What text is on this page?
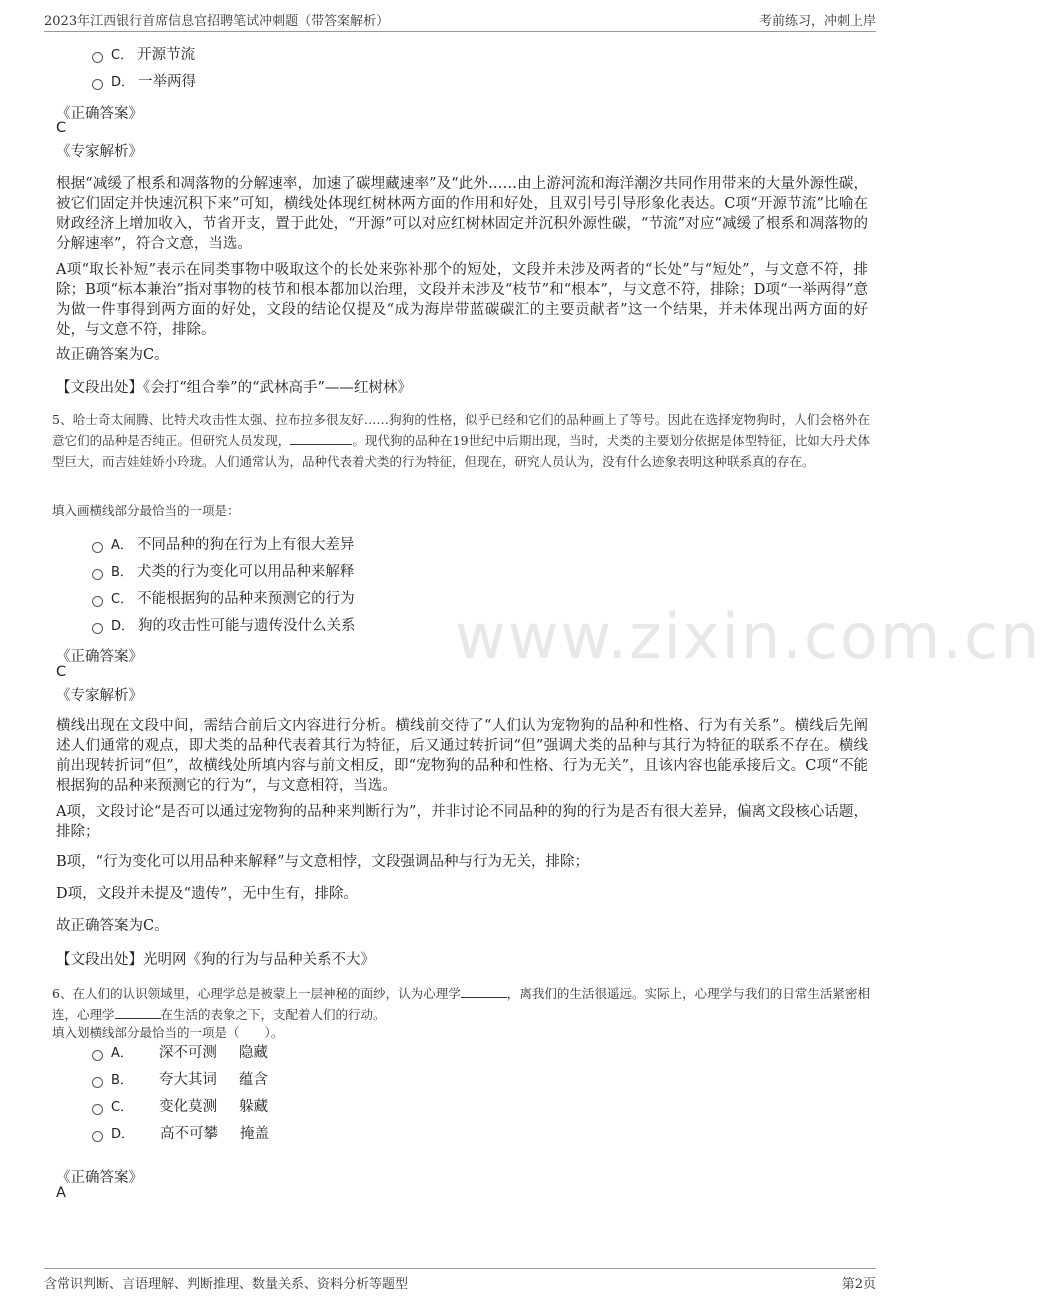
2023年江西银行首席信息官招聘笔试冲刺题（带答案解析）	考前练习，冲刺上岸
www.zixin.com.cn
C． 开源节流
D． 一举两得
《正确答案》
C
《专家解析》
根据“减缓了根系和凋落物的分解速率，加速了碳埋藏速率”及“此外……由上游河流和海洋潮汐共同作用带来的大量外源性碳，被它们固定并快速沉积下来”可知，横线处体现红树林两方面的作用和好处，且双引号引导形象化表达。C项“开源节流”比喻在财政经济上增加收入，节省开支，置于此处，“开源”可以对应红树林固定并沉积外源性碳，“节流”对应“减缓了根系和凋落物的分解速率”，符合文意，当选。
A项“取长补短”表示在同类事物中吸取这个的长处来弥补那个的短处，文段并未涉及两者的“长处”与“短处”，与文意不符，排除；B项“标本兼治”指对事物的枝节和根本都加以治理，文段并未涉及“枝节”和“根本”，与文意不符，排除；D项“一举两得”意为做一件事得到两方面的好处，文段的结论仅提及“成为海岸带蓝碳碳汇的主要贡献者”这一个结果，并未体现出两方面的好处，与文意不符，排除。
故正确答案为C。
【文段出处】《会打“组合拳”的“武林高手”——红树林》
5、哈士奇太闹腾、比特犬攻击性太强、拉布拉多很友好……狗狗的性格，似乎已经和它们的品种画上了等号。因此在选择宠物狗时，人们会格外在意它们的品种是否纯正。但研究人员发现，	。现代狗的品种在19世纪中后期出现，当时，犬类的主要划分依据是体型特征，比如大丹犬体型巨大，而吉娃娃娇小玲珑。人们通常认为，品种代表着犬类的行为特征，但现在，研究人员认为，没有什么迹象表明这种联系真的存在。
填入画横线部分最恰当的一项是：
A． 不同品种的狗在行为上有很大差异
B． 犬类的行为变化可以用品种来解释
C． 不能根据狗的品种来预测它的行为
D． 狗的攻击性可能与遗传没什么关系
《正确答案》
C
《专家解析》
横线出现在文段中间，需结合前后文内容进行分析。横线前交待了“人们认为宠物狗的品种和性格、行为有关系”。横线后先阐述人们通常的观点，即犬类的品种代表着其行为特征，后又通过转折词“但”强调犬类的品种与其行为特征的联系不存在。横线前出现转折词“但”，故横线处所填内容与前文相反，即“宠物狗的品种和性格、行为无关”，且该内容也能承接后文。C项“不能根据狗的品种来预测它的行为”，与文意相符，当选。
A项，文段讨论“是否可以通过宠物狗的品种来判断行为”，并非讨论不同品种的狗的行为是否有很大差异，偏离文段核心话题，排除；
B项，“行为变化可以用品种来解释”与文意相悖，文段强调品种与行为无关，排除；
D项，文段并未提及“遗传”，无中生有，排除。
故正确答案为C。
【文段出处】光明网《狗的行为与品种关系不大》
6、在人们的认识领域里，心理学总是被蒙上一层神秘的面纱，认为心理学	，离我们的生活很遥远。实际上，心理学与我们的日常生活紧密相连，心理学	在生活的表象之下，支配着人们的行动。
填入划横线部分最恰当的一项是（　　）。
A． 深不可测 隐藏
B． 夸大其词 蕴含
C． 变化莫测 躲藏
D． 高不可攀 掩盖
《正确答案》
A
含常识判断、言语理解、判断推理、数量关系、资料分析等题型	第2页
